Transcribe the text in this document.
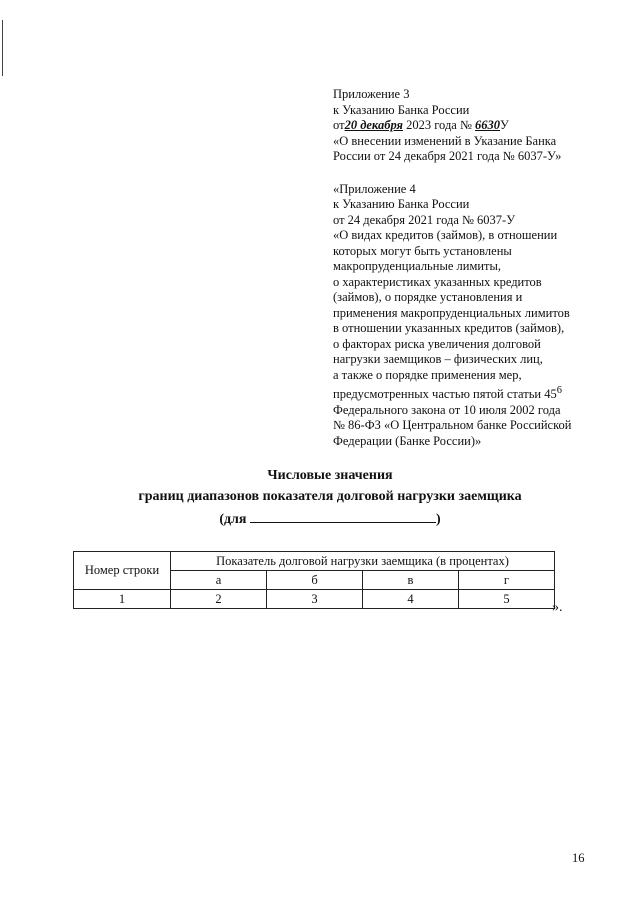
Приложение 3
к Указанию Банка России
от20 декабря 2023 года № 6630У
«О внесении изменений в Указание Банка
России от 24 декабря 2021 года № 6037-У»
«Приложение 4
к Указанию Банка России
от 24 декабря 2021 года № 6037-У
«О видах кредитов (займов), в отношении
которых могут быть установлены
макропруденциальные лимиты,
о характеристиках указанных кредитов
(займов), о порядке установления и
применения макропруденциальных лимитов
в отношении указанных кредитов (займов),
о факторах риска увеличения долговой
нагрузки заемщиков – физических лиц,
а также о порядке применения мер,
предусмотренных частью пятой статьи $45^6$
Федерального закона от 10 июля 2002 года
№ 86-ФЗ «О Центральном банке Российской
Федерации (Банке России)»
Числовые значения
границ диапазонов показателя долговой нагрузки заемщика
(для	)
Номер строки	Показатель долговой нагрузки заемщика (в процентах)			
	а	б	в	г
1	2	3	4	5
».
16
